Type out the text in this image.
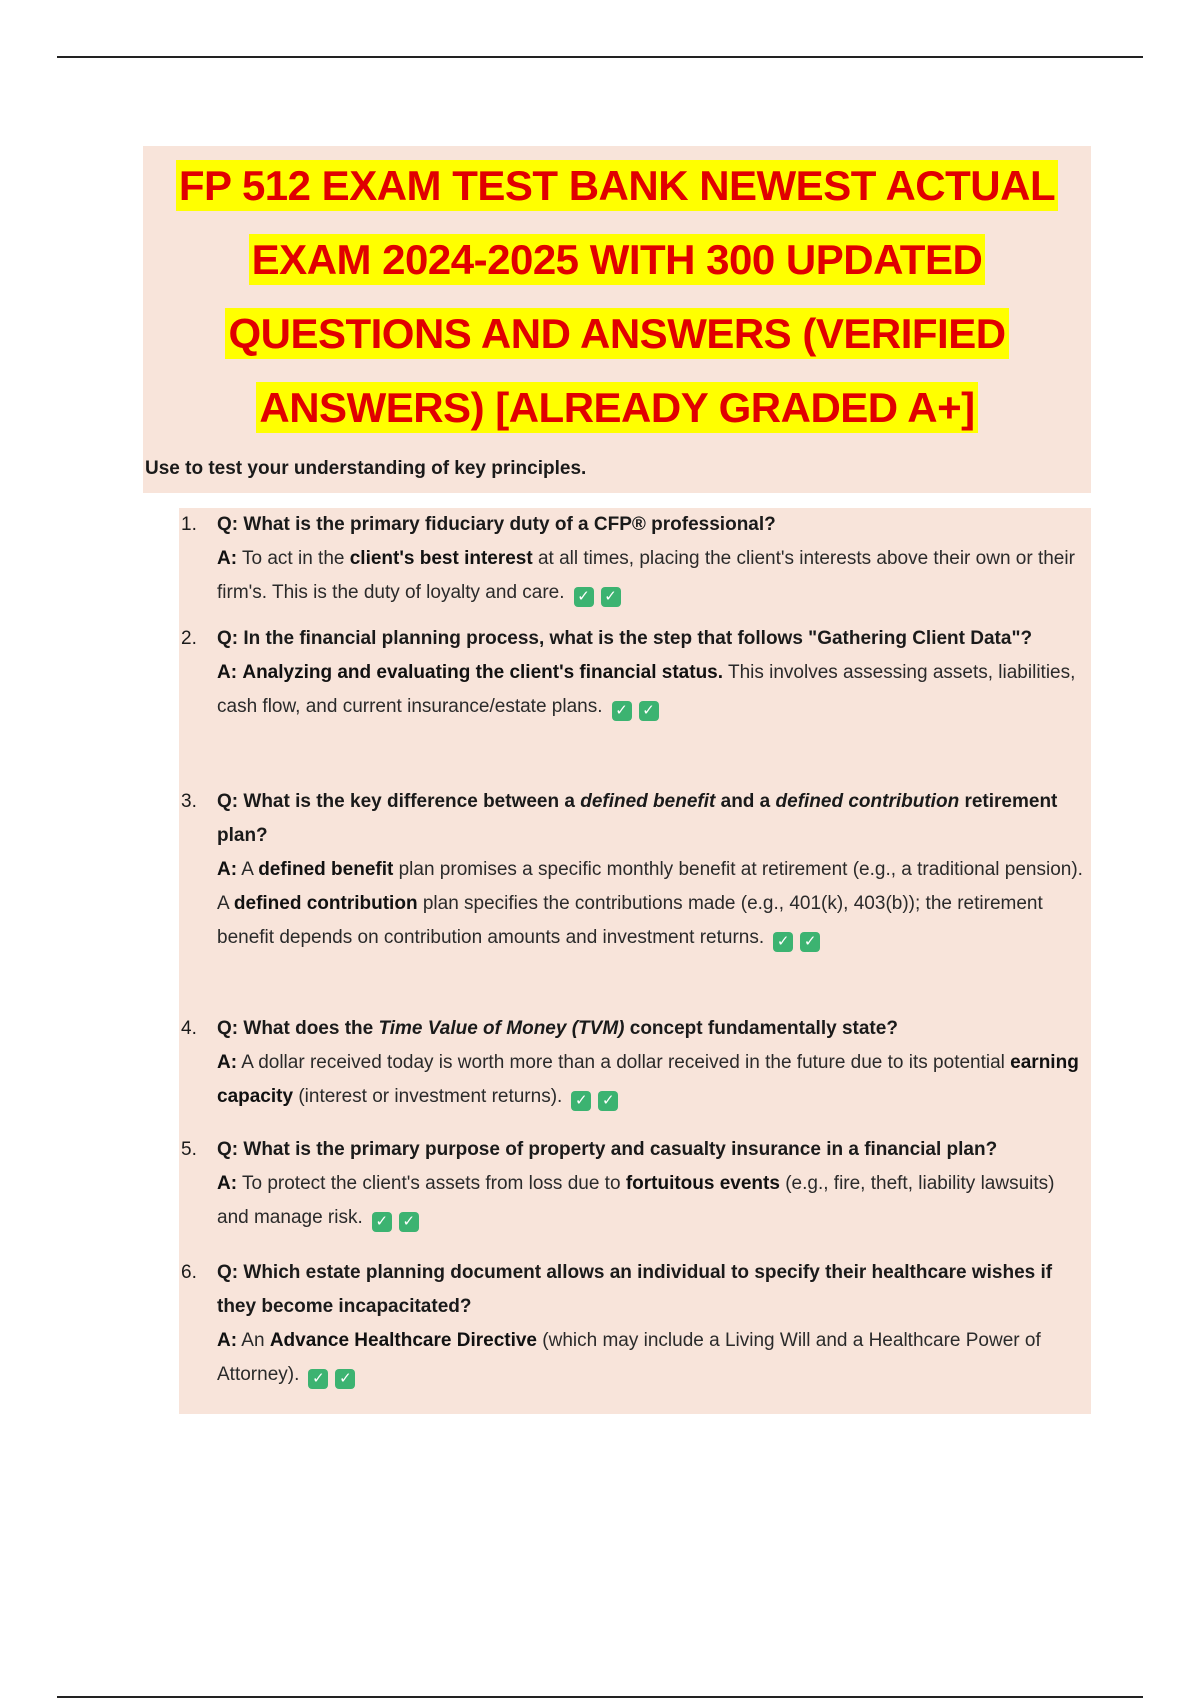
FP 512 EXAM TEST BANK NEWEST ACTUAL
EXAM 2024-2025 WITH 300 UPDATED
QUESTIONS AND ANSWERS (VERIFIED
ANSWERS) [ALREADY GRADED A+]
Use to test your understanding of key principles.
1. Q: What is the primary fiduciary duty of a CFP® professional?

A: To act in the client's best interest at all times, placing the client's interests above their own or their firm's. This is the duty of loyalty and care. ✓ ✓

2. Q: In the financial planning process, what is the step that follows "Gathering Client Data"?

A: Analyzing and evaluating the client's financial status. This involves assessing assets, liabilities, cash flow, and current insurance/estate plans. ✓ ✓

3. Q: What is the key difference between a defined benefit and a defined contribution retirement plan?

A: A defined benefit plan promises a specific monthly benefit at retirement (e.g., a traditional pension). A defined contribution plan specifies the contributions made (e.g., 401(k), 403(b)); the retirement benefit depends on contribution amounts and investment returns. ✓ ✓

4. Q: What does the Time Value of Money (TVM) concept fundamentally state?

A: A dollar received today is worth more than a dollar received in the future due to its potential earning capacity (interest or investment returns). ✓ ✓

5. Q: What is the primary purpose of property and casualty insurance in a financial plan?

A: To protect the client's assets from loss due to fortuitous events (e.g., fire, theft, liability lawsuits) and manage risk. ✓ ✓

6. Q: Which estate planning document allows an individual to specify their healthcare wishes if they become incapacitated?

A: An Advance Healthcare Directive (which may include a Living Will and a Healthcare Power of Attorney). ✓ ✓
